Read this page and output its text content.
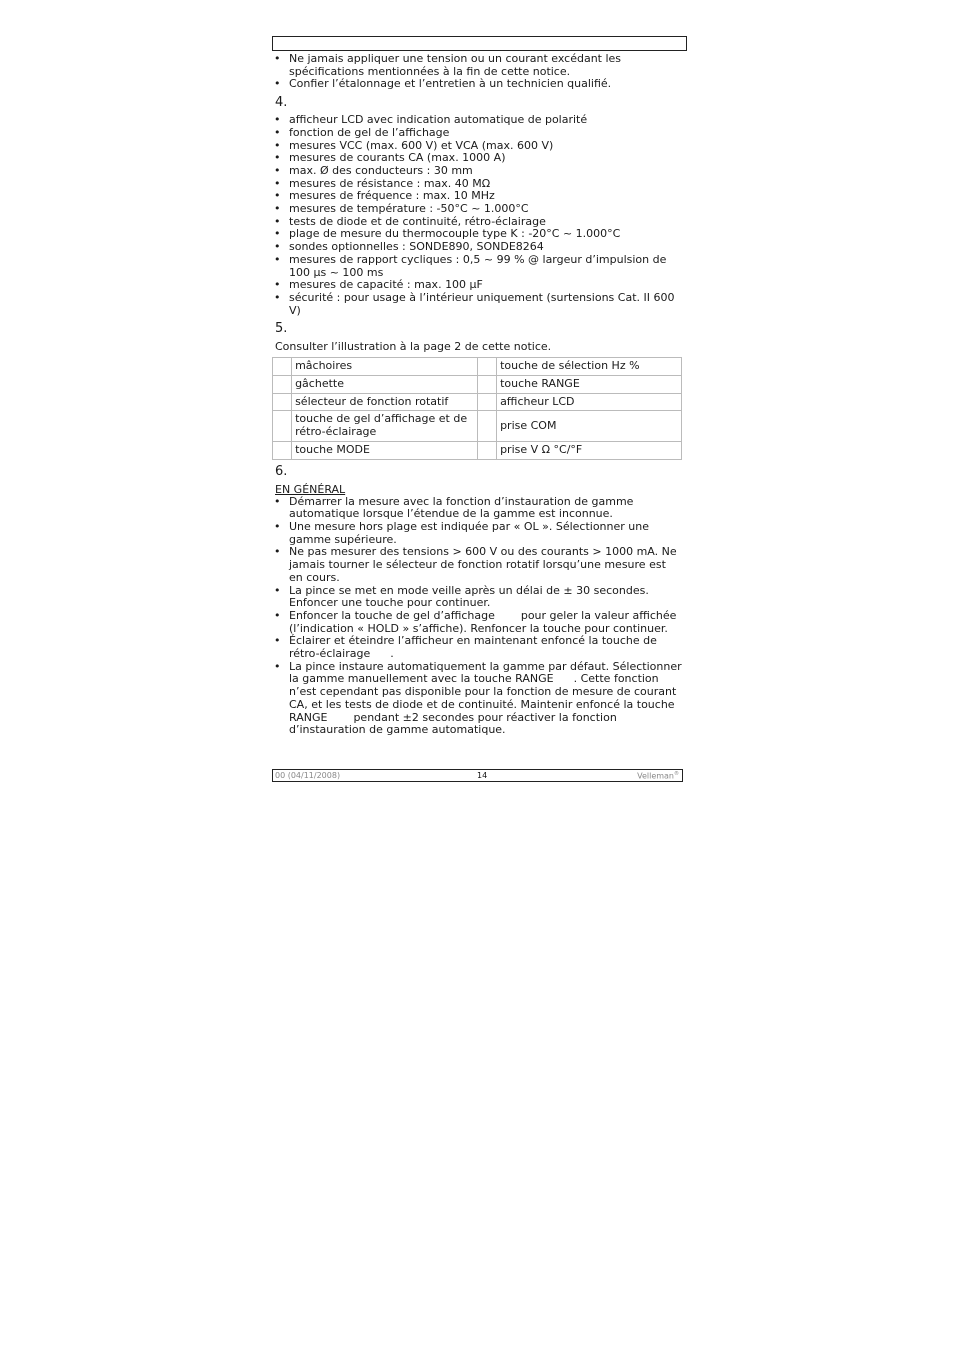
• Ne jamais appliquer une tension ou un courant excédant les spécifications mentionnées à la fin de cette notice.
• Confier l’étalonnage et l’entretien à un technicien qualifié.
4.
• afficheur LCD avec indication automatique de polarité
• fonction de gel de l’affichage
• mesures VCC (max. 600 V) et VCA (max. 600 V)
• mesures de courants CA (max. 1000 A)
• max. Ø des conducteurs : 30 mm
• mesures de résistance : max. 40 MΩ
• mesures de fréquence : max. 10 MHz
• mesures de température : -50°C ~ 1.000°C
• tests de diode et de continuité, rétro-éclairage
• plage de mesure du thermocouple type K : -20°C ~ 1.000°C
• sondes optionnelles : SONDE890, SONDE8264
• mesures de rapport cycliques : 0,5 ~ 99 % @ largeur d’impulsion de 100 μs ~ 100 ms
• mesures de capacité : max. 100 μF
• sécurité : pour usage à l’intérieur uniquement (surtensions Cat. II 600 V)
5.
Consulter l’illustration à la page 2 de cette notice.
	mâchoires		touche de sélection Hz %
	gâchette		touche RANGE
	sélecteur de fonction rotatif		afficheur LCD
	touche de gel d’affichage et de rétro-éclairage		prise COM
	touche MODE		prise V Ω °C/°F
6.
EN GÉNÉRAL
• Démarrer la mesure avec la fonction d’instauration de gamme automatique lorsque l’étendue de la gamme est inconnue.
• Une mesure hors plage est indiquée par « OL ». Sélectionner une gamme supérieure.
• Ne pas mesurer des tensions > 600 V ou des courants > 1000 mA. Ne jamais tourner le sélecteur de fonction rotatif lorsqu’une mesure est en cours.
• La pince se met en mode veille après un délai de ± 30 secondes. Enfoncer une touche pour continuer.
• Enfoncer la touche de gel d’affichage pour geler la valeur affichée (l’indication « HOLD » s’affiche). Renfoncer la touche pour continuer.
• Éclairer et éteindre l’afficheur en maintenant enfoncé la touche de rétro-éclairage .
• La pince instaure automatiquement la gamme par défaut. Sélectionner la gamme manuellement avec la touche RANGE . Cette fonction n’est cependant pas disponible pour la fonction de mesure de courant CA, et les tests de diode et de continuité. Maintenir enfoncé la touche RANGE pendant ±2 secondes pour réactiver la fonction d’instauration de gamme automatique.
00 (04/11/2008)	14	Velleman®
